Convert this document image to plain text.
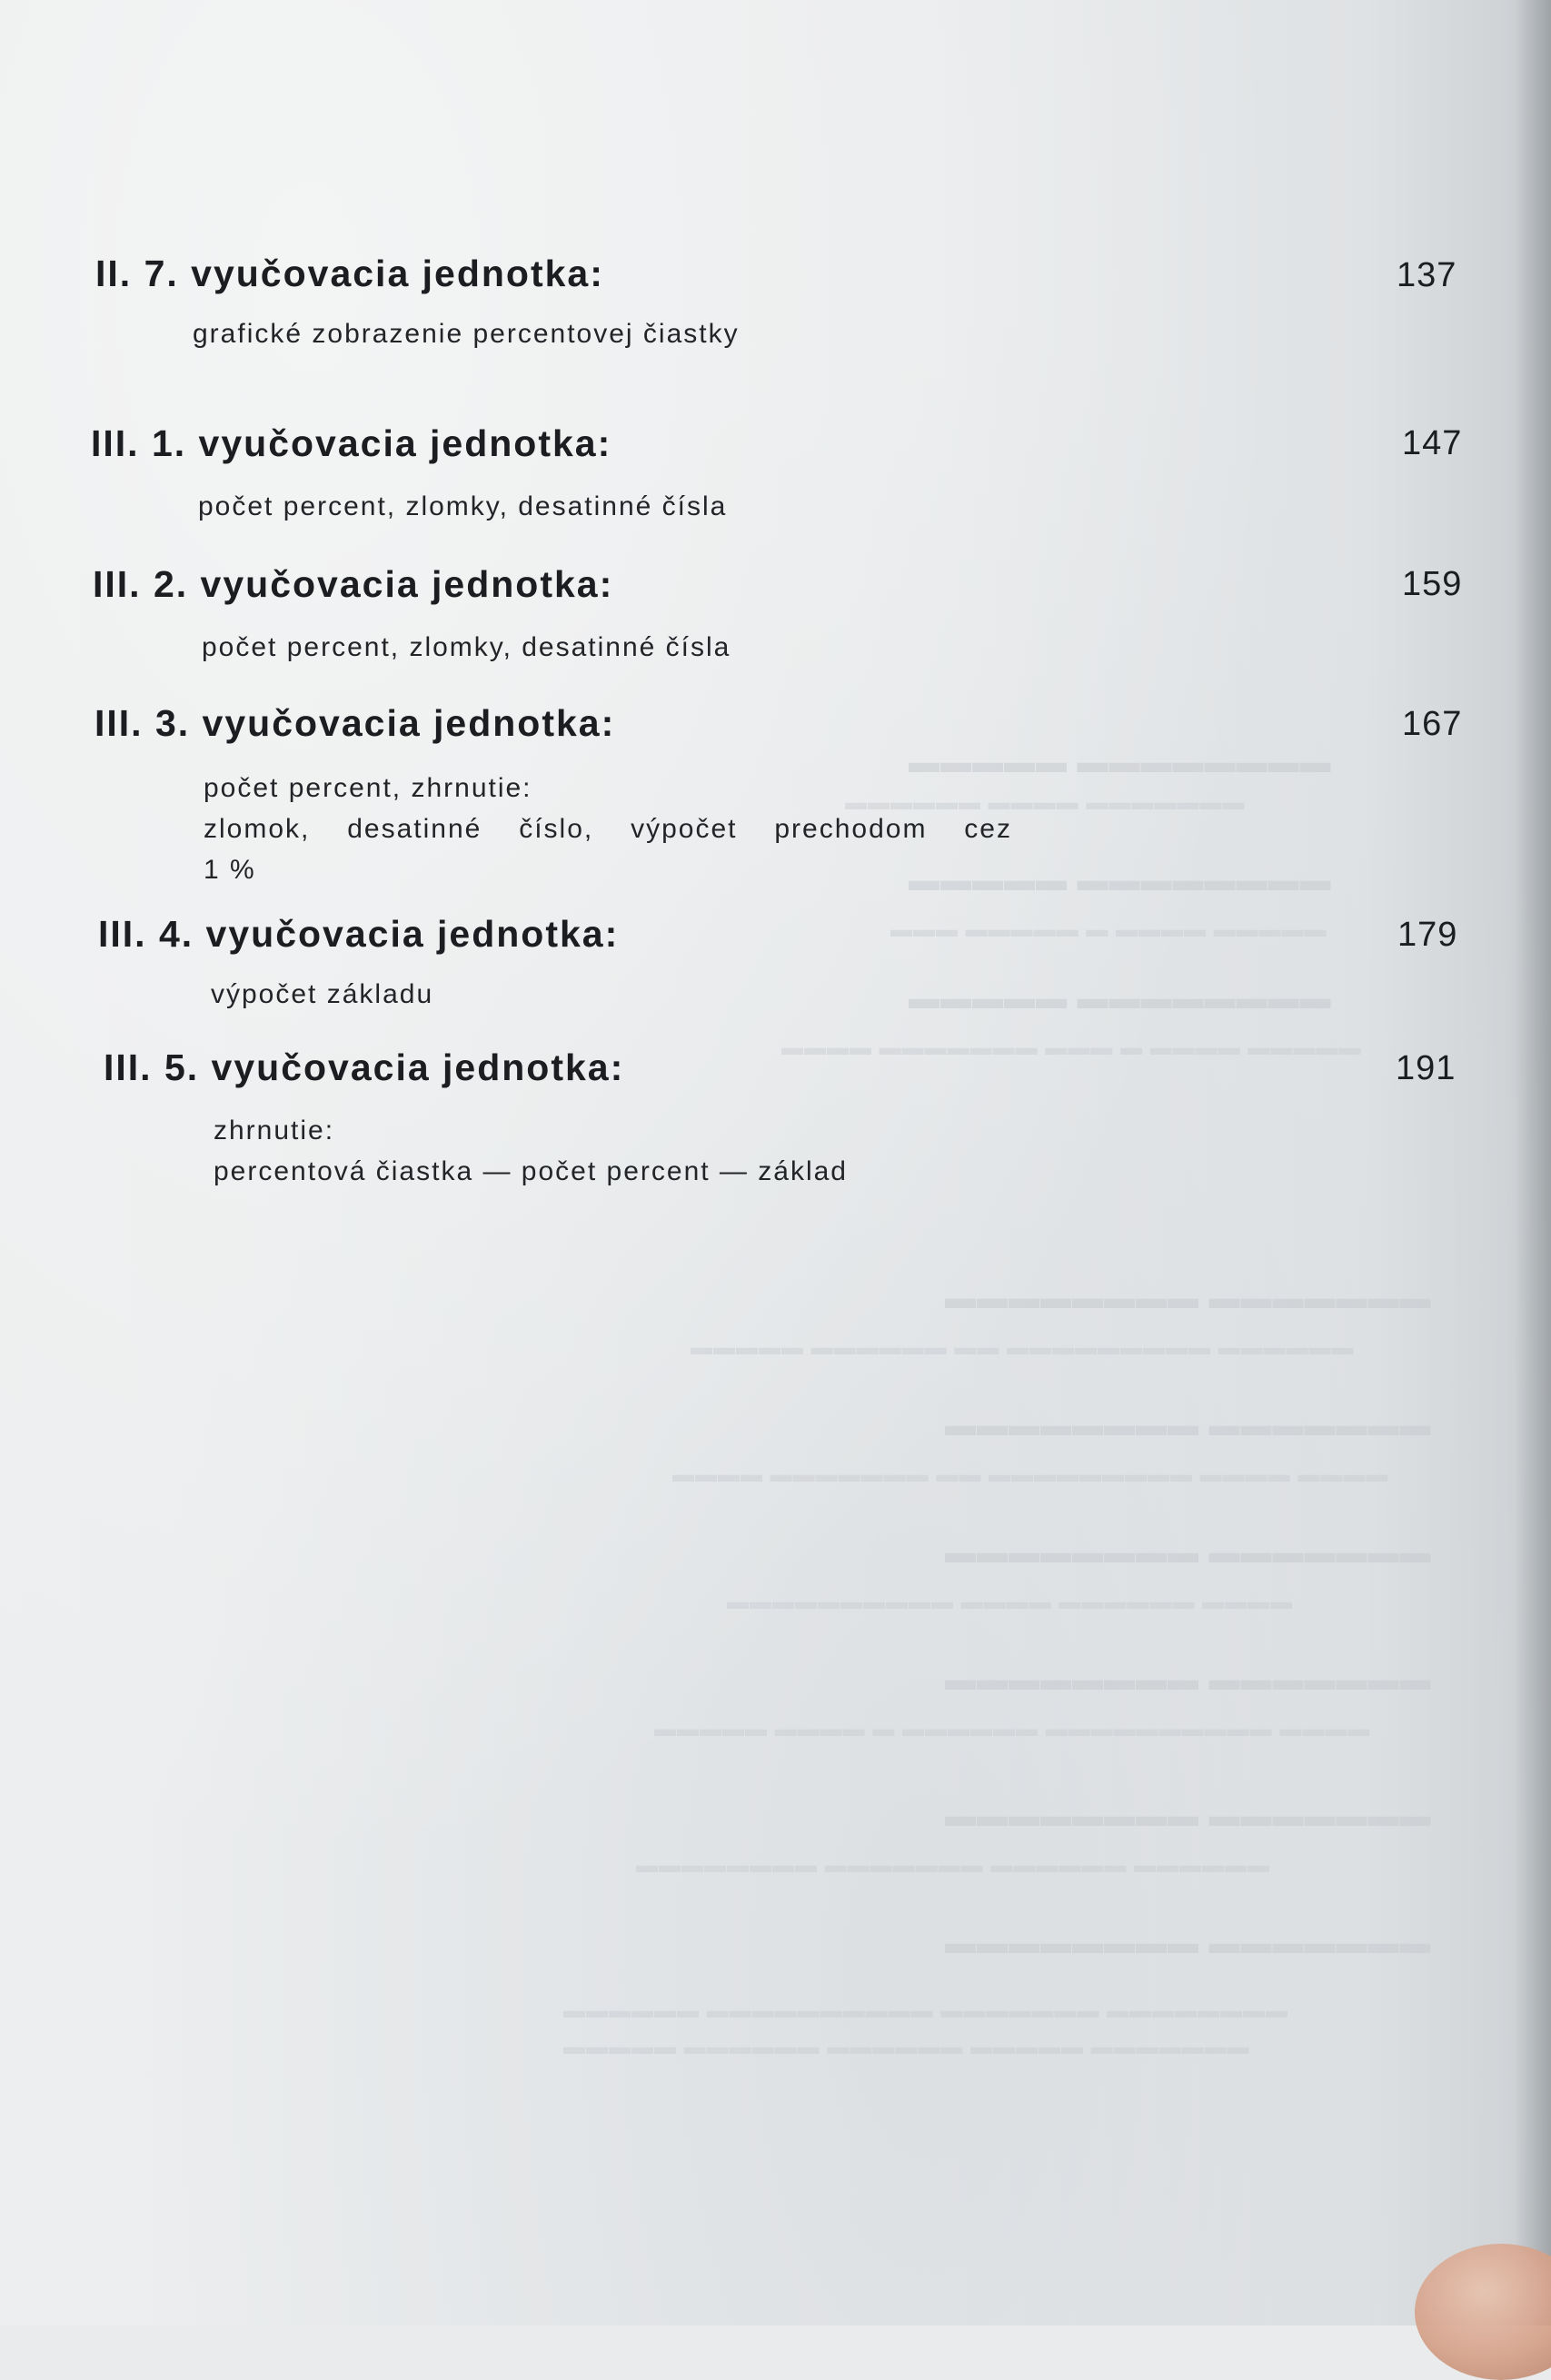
▬▬▬▬▬ ▬▬▬▬▬▬▬▬
▬▬▬▬▬▬ ▬▬▬▬ ▬▬▬▬▬▬▬
▬▬▬▬▬ ▬▬▬▬▬▬▬▬
▬▬▬ ▬▬▬▬▬ ▬ ▬▬▬▬ ▬▬▬▬▬
▬▬▬▬▬ ▬▬▬▬▬▬▬▬
▬▬▬▬ ▬▬▬▬▬▬▬ ▬▬▬ ▬ ▬▬▬▬ ▬▬▬▬▬
▬▬▬▬▬▬▬▬ ▬▬▬▬▬▬▬
▬▬▬▬▬ ▬▬▬▬▬▬ ▬▬ ▬▬▬▬▬▬▬▬▬ ▬▬▬▬▬▬
▬▬▬▬▬▬▬▬ ▬▬▬▬▬▬▬
▬▬▬▬ ▬▬▬▬▬▬▬ ▬▬ ▬▬▬▬▬▬▬▬▬ ▬▬▬▬ ▬▬▬▬
▬▬▬▬▬▬▬▬ ▬▬▬▬▬▬▬
▬▬▬▬▬▬▬▬▬▬ ▬▬▬▬ ▬▬▬▬▬▬ ▬▬▬▬
▬▬▬▬▬▬▬▬ ▬▬▬▬▬▬▬
▬▬▬▬▬ ▬▬▬▬ ▬ ▬▬▬▬▬▬ ▬▬▬▬▬▬▬▬▬▬ ▬▬▬▬
▬▬▬▬▬▬▬▬ ▬▬▬▬▬▬▬
▬▬▬▬▬▬▬▬ ▬▬▬▬▬▬▬ ▬▬▬▬▬▬ ▬▬▬▬▬▬
▬▬▬▬▬▬▬▬ ▬▬▬▬▬▬▬
▬▬▬▬▬▬ ▬▬▬▬▬▬▬▬▬▬ ▬▬▬▬▬▬▬ ▬▬▬▬▬▬▬▬
▬▬▬▬▬ ▬▬▬▬▬▬ ▬▬▬▬▬▬ ▬▬▬▬▬ ▬▬▬▬▬▬▬
II. 7. vyučovacia jednotka:	137
grafické zobrazenie percentovej čiastky
III. 1. vyučovacia jednotka:	147
počet percent, zlomky, desatinné čísla
III. 2. vyučovacia jednotka:	159
počet percent, zlomky, desatinné čísla
III. 3. vyučovacia jednotka:	167
počet percent, zhrnutie:
zlomok, desatinné číslo, výpočet prechodom cez
1 %
III. 4. vyučovacia jednotka:	179
výpočet základu
III. 5. vyučovacia jednotka:	191
zhrnutie:
percentová čiastka — počet percent — základ
